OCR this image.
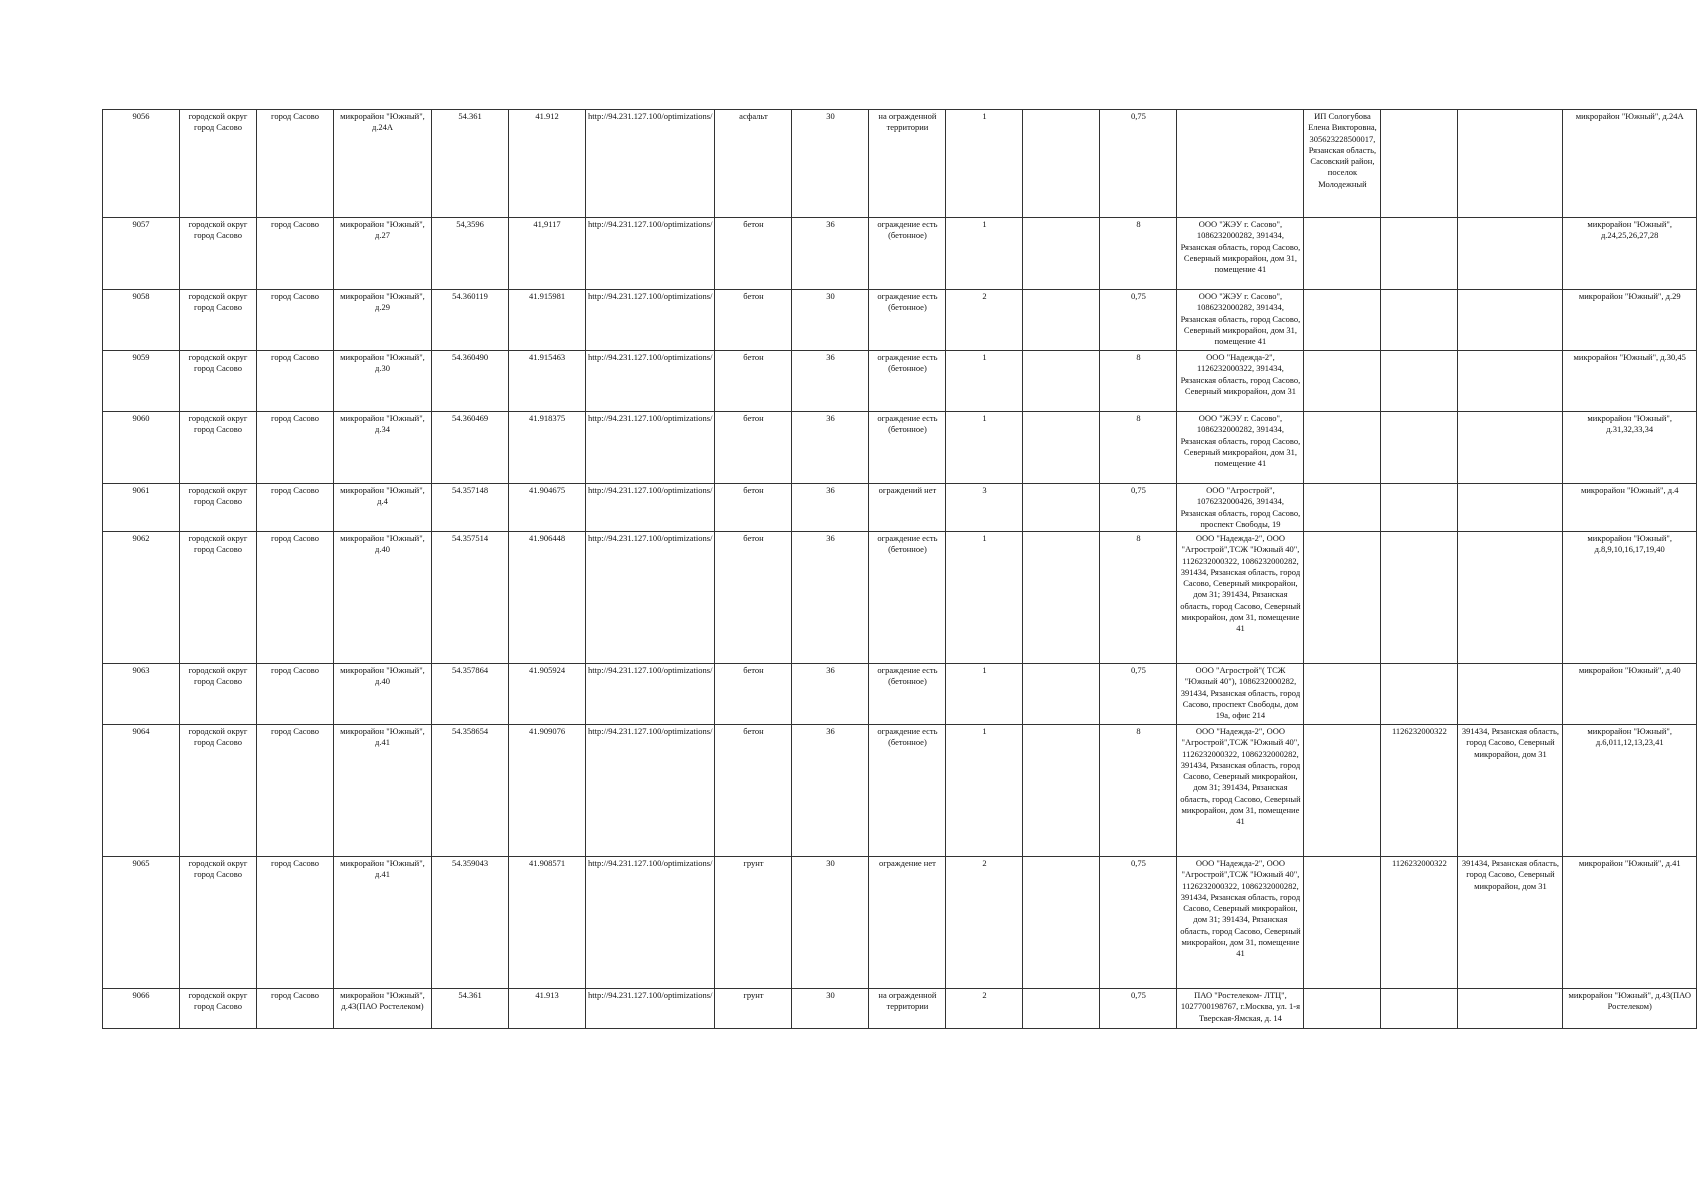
9056	городской округ город Сасово	город Сасово	микрорайон "Южный", д.24А	54.361	41.912	http://94.231.127.100/optimizations/	асфальт	30	на огражденной территории	1		0,75		ИП Сологубова Елена Викторовна, 305623228500017, Рязанская область, Сасовский район, поселок Молодежный			микрорайон "Южный", д.24А
9057	городской округ город Сасово	город Сасово	микрорайон "Южный", д.27	54,3596	41,9117	http://94.231.127.100/optimizations/	бетон	36	ограждение есть (бетонное)	1		8	ООО "ЖЭУ г. Сасово", 1086232000282, 391434, Рязанская область, город Сасово, Северный микрорайон, дом 31, помещение 41				микрорайон "Южный", д.24,25,26,27,28
9058	городской округ город Сасово	город Сасово	микрорайон "Южный", д.29	54.360119	41.915981	http://94.231.127.100/optimizations/	бетон	30	ограждение есть (бетонное)	2		0,75	ООО "ЖЭУ г. Сасово", 1086232000282, 391434, Рязанская область, город Сасово, Северный микрорайон, дом 31, помещение 41				микрорайон "Южный", д.29
9059	городской округ город Сасово	город Сасово	микрорайон "Южный", д.30	54.360490	41.915463	http://94.231.127.100/optimizations/	бетон	36	ограждение есть (бетонное)	1		8	ООО "Надежда-2", 1126232000322, 391434, Рязанская область, город Сасово, Северный микрорайон, дом 31				микрорайон "Южный", д.30,45
9060	городской округ город Сасово	город Сасово	микрорайон "Южный", д.34	54.360469	41.918375	http://94.231.127.100/optimizations/	бетон	36	ограждение есть (бетонное)	1		8	ООО "ЖЭУ г. Сасово", 1086232000282, 391434, Рязанская область, город Сасово, Северный микрорайон, дом 31, помещение 41				микрорайон "Южный", д.31,32,33,34
9061	городской округ город Сасово	город Сасово	микрорайон "Южный", д.4	54.357148	41.904675	http://94.231.127.100/optimizations/	бетон	36	ограждений нет	3		0,75	ООО "Агрострой", 1076232000426, 391434, Рязанская область, город Сасово, проспект Свободы, 19				микрорайон "Южный", д.4
9062	городской округ город Сасово	город Сасово	микрорайон "Южный", д.40	54.357514	41.906448	http://94.231.127.100/optimizations/	бетон	36	ограждение есть (бетонное)	1		8	ООО "Надежда-2", ООО "Агрострой",ТСЖ "Южный 40", 1126232000322, 1086232000282, 391434, Рязанская область, город Сасово, Северный микрорайон, дом 31; 391434, Рязанская область, город Сасово, Северный микрорайон, дом 31, помещение 41				микрорайон "Южный", д.8,9,10,16,17,19,40
9063	городской округ город Сасово	город Сасово	микрорайон "Южный", д.40	54.357864	41.905924	http://94.231.127.100/optimizations/	бетон	36	ограждение есть (бетонное)	1		0,75	ООО "Агрострой"( ТСЖ "Южный 40"), 1086232000282, 391434, Рязанская область, город Сасово, проспект Свободы, дом 19а, офис 214				микрорайон "Южный", д.40
9064	городской округ город Сасово	город Сасово	микрорайон "Южный", д.41	54.358654	41.909076	http://94.231.127.100/optimizations/	бетон	36	ограждение есть (бетонное)	1		8	ООО "Надежда-2", ООО "Агрострой",ТСЖ "Южный 40", 1126232000322, 1086232000282, 391434, Рязанская область, город Сасово, Северный микрорайон, дом 31; 391434, Рязанская область, город Сасово, Северный микрорайон, дом 31, помещение 41		1126232000322	391434, Рязанская область, город Сасово, Северный микрорайон, дом 31	микрорайон "Южный", д.6,011,12,13,23,41
9065	городской округ город Сасово	город Сасово	микрорайон "Южный", д.41	54.359043	41.908571	http://94.231.127.100/optimizations/	грунт	30	ограждение нет	2		0,75	ООО "Надежда-2", ООО "Агрострой",ТСЖ "Южный 40", 1126232000322, 1086232000282, 391434, Рязанская область, город Сасово, Северный микрорайон, дом 31; 391434, Рязанская область, город Сасово, Северный микрорайон, дом 31, помещение 41		1126232000322	391434, Рязанская область, город Сасово, Северный микрорайон, дом 31	микрорайон "Южный", д.41
9066	городской округ город Сасово	город Сасово	микрорайон "Южный", д.43(ПАО Ростелеком)	54.361	41.913	http://94.231.127.100/optimizations/	грунт	30	на огражденной территории	2		0,75	ПАО "Ростелеком- ЛТЦ", 1027700198767, г.Москва, ул. 1-я Тверская-Ямская, д. 14				микрорайон "Южный", д.43(ПАО Ростелеком)
